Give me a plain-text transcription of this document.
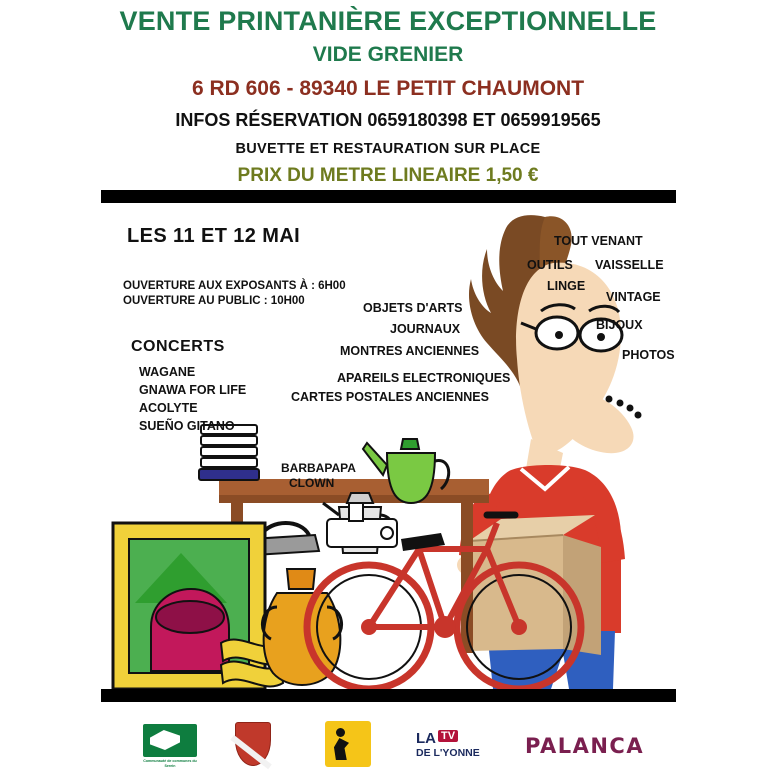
VENTE PRINTANIÈRE EXCEPTIONNELLE
VIDE GRENIER
6 RD 606 - 89340 LE PETIT CHAUMONT
INFOS RÉSERVATION 0659180398 ET 0659919565
BUVETTE ET RESTAURATION SUR PLACE
PRIX DU METRE LINEAIRE 1,50 €
LES 11 ET 12 MAI
OUVERTURE AUX EXPOSANTS À : 6H00
OUVERTURE AU PUBLIC : 10H00
CONCERTS
WAGANE
GNAWA FOR LIFE
ACOLYTE
SUEÑO GITANO
OBJETS D'ARTS
JOURNAUX
MONTRES ANCIENNES
APAREILS ELECTRONIQUES
CARTES POSTALES ANCIENNES
TOUT VENANT
OUTILS VAISSELLE
LINGE
VINTAGE
BIJOUX
PHOTOS
BARBAPAPA
CLOWN
Communauté de communes du Serein
LA TV
DE L'YONNE PALANCA
